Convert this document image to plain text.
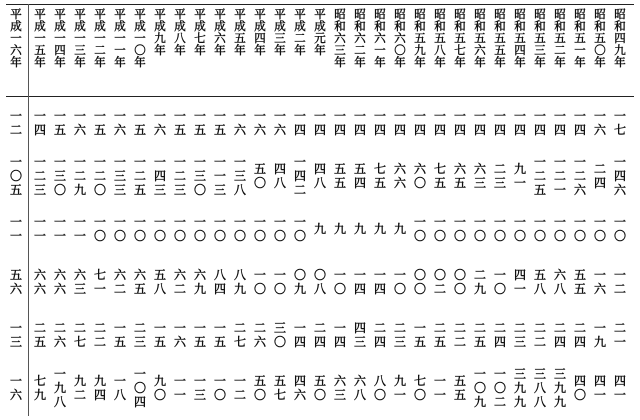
平
成
一
六
年
一
二
一
〇
五
一
一
五
六
一
三
一
六
平
成
一
五
年
一
四
一
二
三
一
一
六
六
二
五
七
九
平
成
一
四
年
一
五
一
三
〇
一
一
六
六
二
六
一
九
八
平
成
一
三
年
一
六
一
二
九
一
一
六
三
二
七
九
二
平
成
一
二
年
一
五
一
二
〇
一
〇
七
一
二
二
九
四
平
成
一
一
年
一
六
一
三
三
一
〇
六
二
一
五
一
八
平
成
一
〇
年
一
五
一
二
五
一
〇
六
五
二
三
一
〇
四
平
成
九
年
一
六
一
四
三
一
〇
五
八
一
五
九
〇
平
成
八
年
一
五
一
二
三
一
〇
六
二
一
六
一
一
平
成
七
年
一
五
一
三
〇
一
〇
六
九
一
五
一
三
平
成
六
年
一
五
一
一
三
一
〇
八
四
一
五
一
〇
平
成
五
年
一
六
一
三
八
一
〇
八
九
二
七
一
二
平
成
四
年
一
六
五
〇
一
〇
一
〇
二
六
五
〇
平
成
三
年
一
六
四
八
一
〇
一
〇
三
〇
五
七
平
成
二
年
一
四
一
四
二
一
〇
〇
九
一
四
四
六
平
成
元
年
一
四
四
八
九
〇
八
二
四
五
〇
昭
和
六
三
年
一
四
五
五
九
一
〇
一
四
六
三
昭
和
六
二
年
一
四
五
四
九
一
四
四
三
六
八
昭
和
六
一
年
一
四
七
五
九
一
四
二
四
八
〇
昭
和
六
〇
年
一
四
六
六
九
一
〇
二
三
九
一
昭
和
五
九
年
一
四
六
〇
一
〇
〇
〇
一
五
七
〇
昭
和
五
八
年
一
四
七
五
一
〇
〇
二
二
五
一
一
昭
和
五
七
年
一
四
六
五
一
〇
〇
〇
二
二
五
五
昭
和
五
六
年
一
四
六
三
一
〇
二
九
二
五
一
〇
九
昭
和
五
五
年
一
四
二
三
一
〇
一
〇
二
四
一
〇
二
昭
和
五
四
年
一
四
九
一
一
〇
四
一
二
三
三
九
九
昭
和
五
三
年
一
四
一
二
五
一
〇
五
八
二
二
三
八
八
昭
和
五
二
年
一
四
一
二
一
一
〇
六
八
二
四
三
九
九
昭
和
五
一
年
一
四
一
二
六
一
〇
五
五
二
四
四
〇
昭
和
五
〇
年
一
六
二
四
一
〇
一
六
一
九
四
一
昭
和
四
九
年
一
七
一
四
六
一
〇
一
二
二
一
四
一
